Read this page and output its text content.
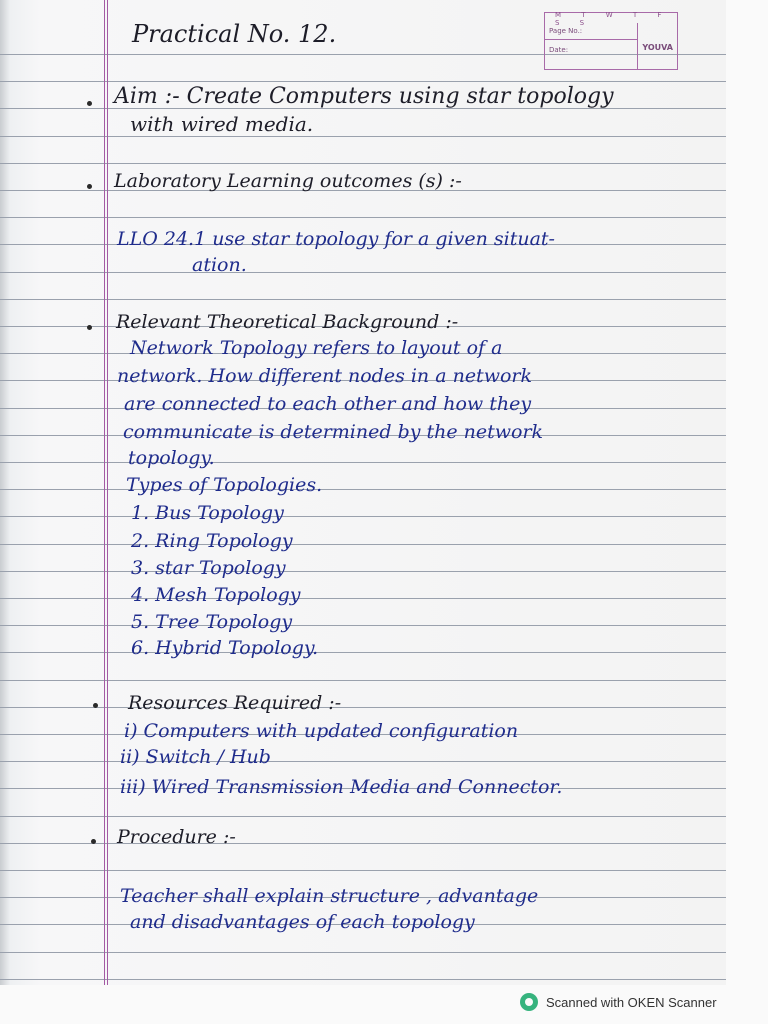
M T W T F S S
Page No.:
Date:	YOUVA
Practical No. 12.
Aim :- Create Computers using star topology
with wired media.
Laboratory Learning outcomes (s) :-
LLO 24.1 use star topology for a given situat-
ation.
Relevant Theoretical Background :-
Network Topology refers to layout of a
network. How different nodes in a network
are connected to each other and how they
communicate is determined by the network
topology.
Types of Topologies.
1. Bus Topology
2. Ring Topology
3. star Topology
4. Mesh Topology
5. Tree Topology
6. Hybrid Topology.
Resources Required :-
i) Computers with updated configuration
ii) Switch / Hub
iii) Wired Transmission Media and Connector.
Procedure :-
Teacher shall explain structure , advantage
and disadvantages of each topology
Scanned with OKEN Scanner
